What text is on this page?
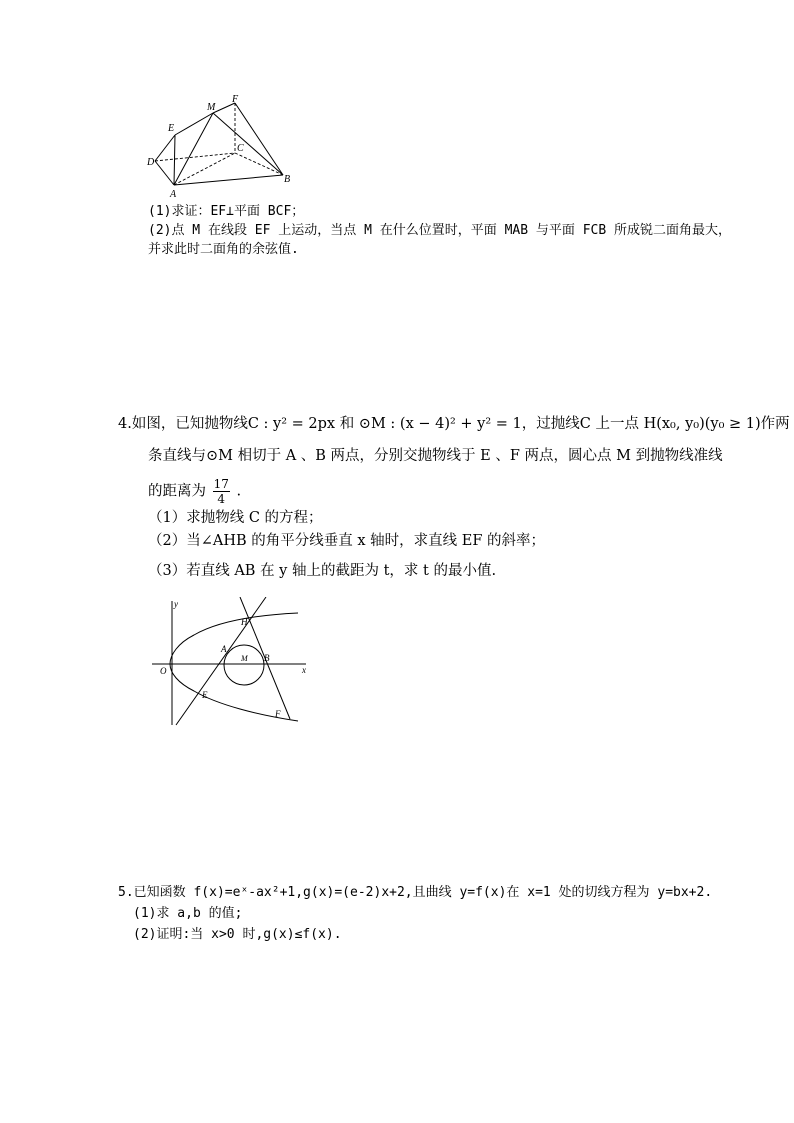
A
B
C
D
E
F
M
(1)求证：EF⊥平面 BCF；
(2)点 M 在线段 EF 上运动，当点 M 在什么位置时，平面 MAB 与平面 FCB 所成锐二面角最大，
并求此时二面角的余弦值.
4.如图，已知抛物线C : y² = 2px 和 ⊙M : (x − 4)² + y² = 1，过抛线C 上一点 H(x₀, y₀)(y₀ ≥ 1)作两
条直线与⊙M 相切于 A 、B 两点，分别交抛物线于 E 、F 两点，圆心点 M 到抛物线准线
的距离为 $\frac{17}{4}$ .
（1）求抛物线 C 的方程；
（2）当∠AHB 的角平分线垂直 x 轴时，求直线 EF 的斜率；
（3）若直线 AB 在 y 轴上的截距为 t，求 t 的最小值.
y
x
O
H
A
B
M
E
F
5.已知函数 f(x)=eˣ-ax²+1,g(x)=(e-2)x+2,且曲线 y=f(x)在 x=1 处的切线方程为 y=bx+2.
(1)求 a,b 的值;
(2)证明:当 x>0 时,g(x)≤f(x).
